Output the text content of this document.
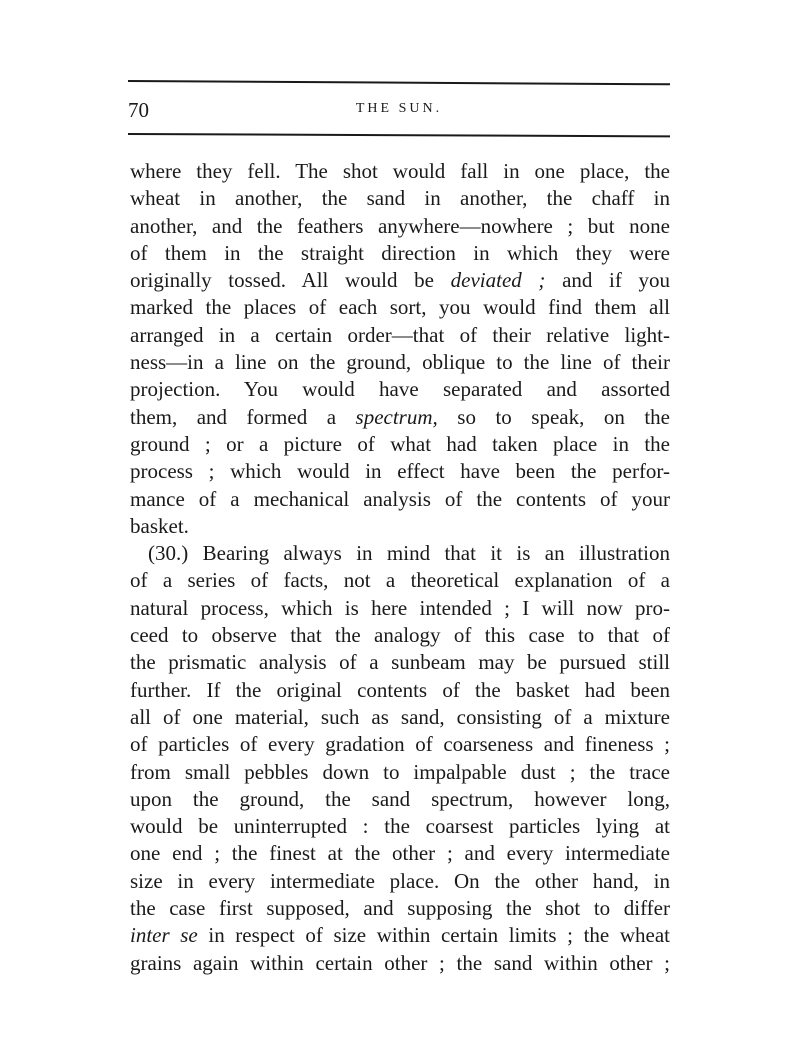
70	THE SUN.
where they fell. The shot would fall in one place, the
wheat in another, the sand in another, the chaff in
another, and the feathers anywhere—nowhere ; but none
of them in the straight direction in which they were
originally tossed. All would be deviated ; and if you
marked the places of each sort, you would find them all
arranged in a certain order—that of their relative light-
ness—in a line on the ground, oblique to the line of their
projection. You would have separated and assorted
them, and formed a spectrum, so to speak, on the
ground ; or a picture of what had taken place in the
process ; which would in effect have been the perfor-
mance of a mechanical analysis of the contents of your
basket.
(30.) Bearing always in mind that it is an illustration
of a series of facts, not a theoretical explanation of a
natural process, which is here intended ; I will now pro-
ceed to observe that the analogy of this case to that of
the prismatic analysis of a sunbeam may be pursued still
further. If the original contents of the basket had been
all of one material, such as sand, consisting of a mixture
of particles of every gradation of coarseness and fineness ;
from small pebbles down to impalpable dust ; the trace
upon the ground, the sand spectrum, however long,
would be uninterrupted : the coarsest particles lying at
one end ; the finest at the other ; and every intermediate
size in every intermediate place. On the other hand, in
the case first supposed, and supposing the shot to differ
inter se in respect of size within certain limits ; the wheat
grains again within certain other ; the sand within other ;
